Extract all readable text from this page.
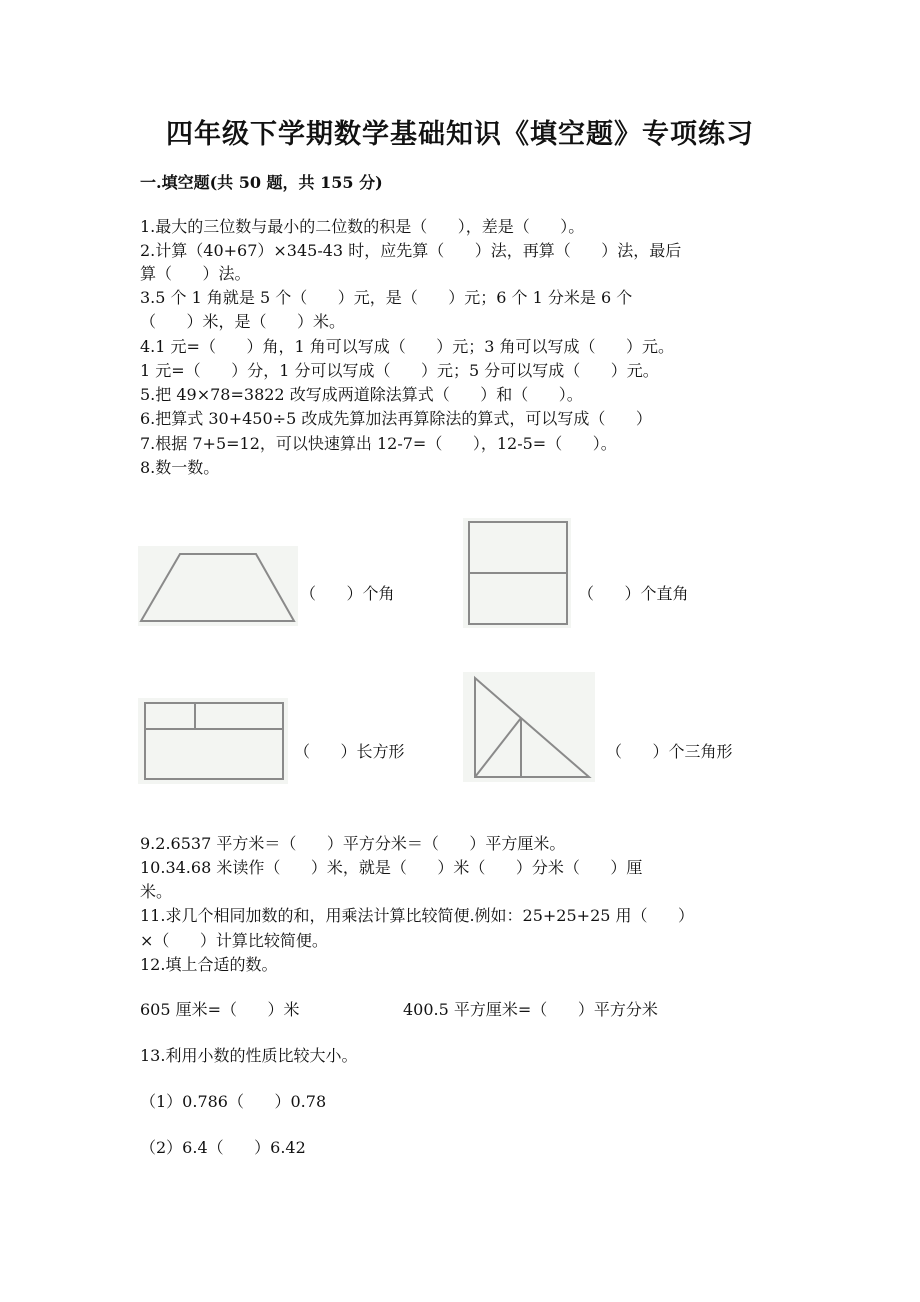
四年级下学期数学基础知识《填空题》专项练习

一.填空题(共 50 题，共 155 分)

1.最大的三位数与最小的二位数的积是（      ），差是（      ）。

2.计算（40+67）×345-43 时，应先算（      ）法，再算（      ）法，最后

算（      ）法。

3.5 个 1 角就是 5 个（      ）元，是（      ）元；6 个 1 分米是 6 个

（      ）米，是（      ）米。

4.1 元=（      ）角，1 角可以写成（      ）元；3 角可以写成（      ）元。

1 元=（      ）分，1 分可以写成（      ）元；5 分可以写成（      ）元。

5.把 49×78=3822 改写成两道除法算式（      ）和（      ）。

6.把算式 30+450÷5 改成先算加法再算除法的算式，可以写成（      ）

7.根据 7+5=12，可以快速算出 12-7=（      ），12-5=（      ）。

8.数一数。

（      ）个角	（      ）个直角
（      ）长方形	（      ）个三角形

9.2.6537 平方米＝（      ）平方分米＝（      ）平方厘米。

10.34.68 米读作（      ）米，就是（      ）米（      ）分米（      ）厘

米。

11.求几个相同加数的和，用乘法计算比较简便.例如：25+25+25 用（      ）

×（      ）计算比较简便。

12.填上合适的数。

605 厘米=（      ）米	400.5 平方厘米=（      ）平方分米

13.利用小数的性质比较大小。

（1）0.786（      ）0.78

（2）6.4（      ）6.42
